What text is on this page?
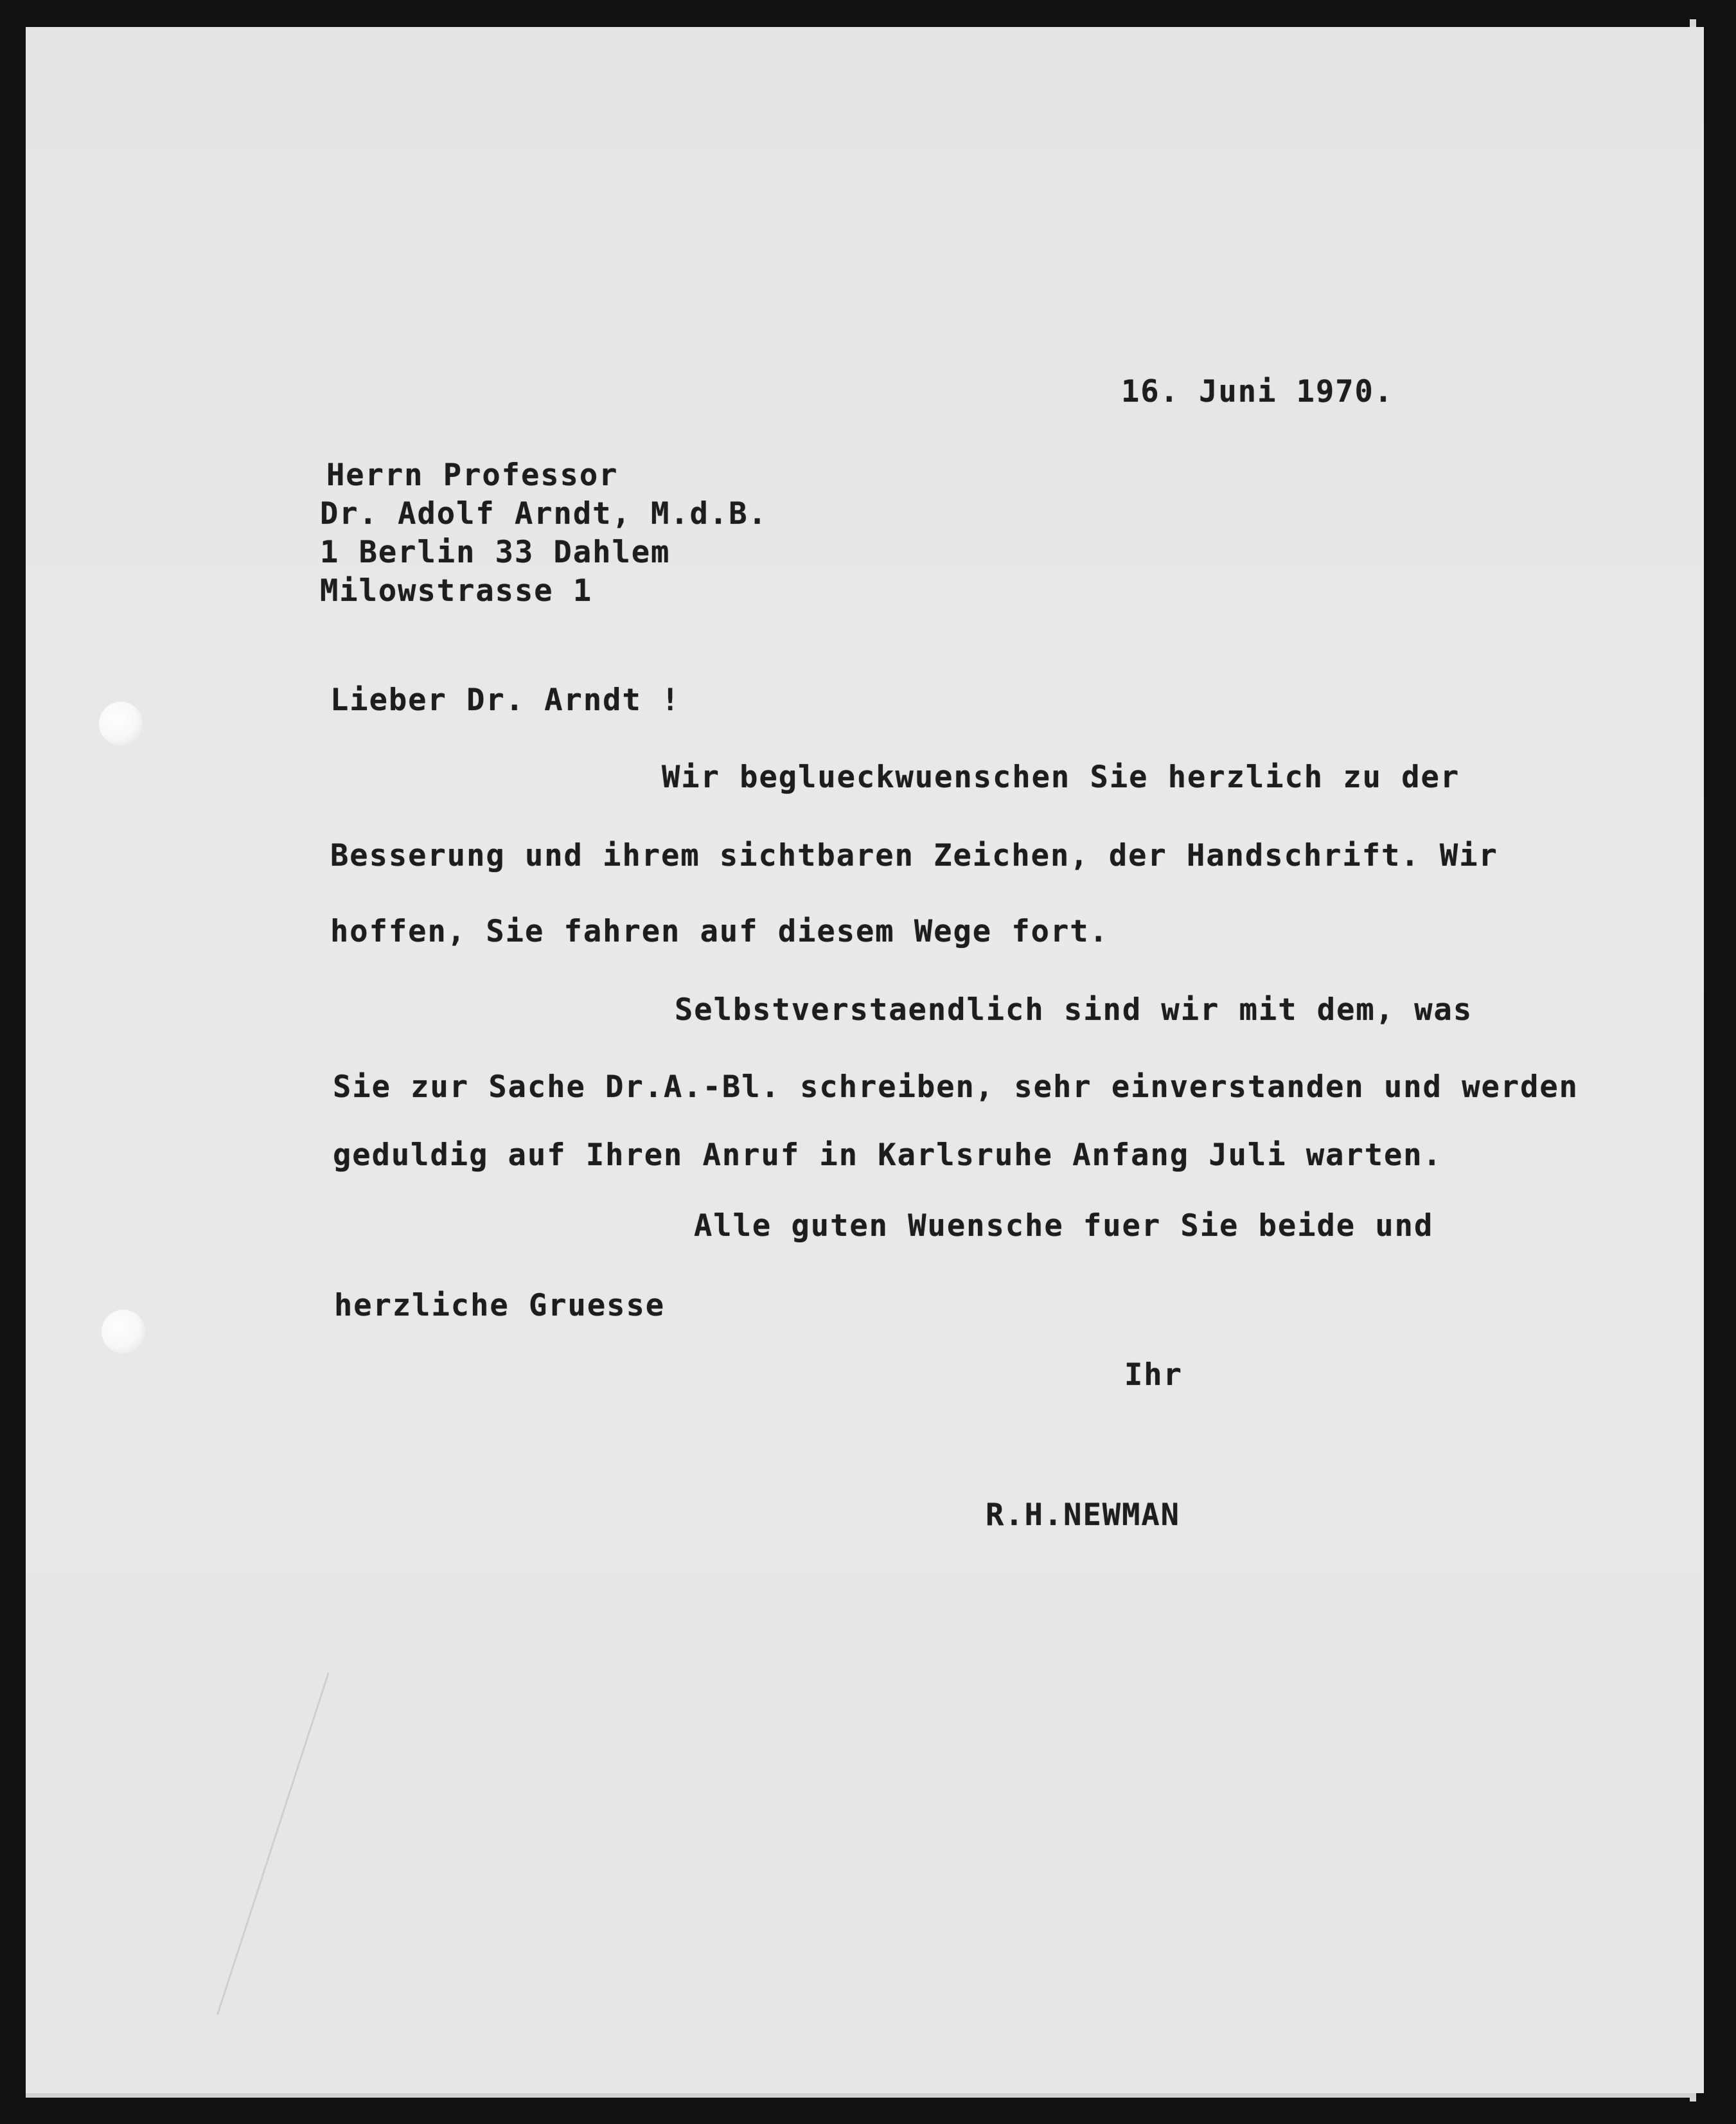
16. Juni 1970.
Herrn Professor
Dr. Adolf Arndt, M.d.B.
1 Berlin 33 Dahlem
Milowstrasse 1
Lieber Dr. Arndt !
Wir beglueckwuenschen Sie herzlich zu der
Besserung und ihrem sichtbaren Zeichen, der Handschrift. Wir
hoffen, Sie fahren auf diesem Wege fort.
Selbstverstaendlich sind wir mit dem, was
Sie zur Sache Dr.A.-Bl. schreiben, sehr einverstanden und werden
geduldig auf Ihren Anruf in Karlsruhe Anfang Juli warten.
Alle guten Wuensche fuer Sie beide und
herzliche Gruesse
Ihr
R.H.NEWMAN
